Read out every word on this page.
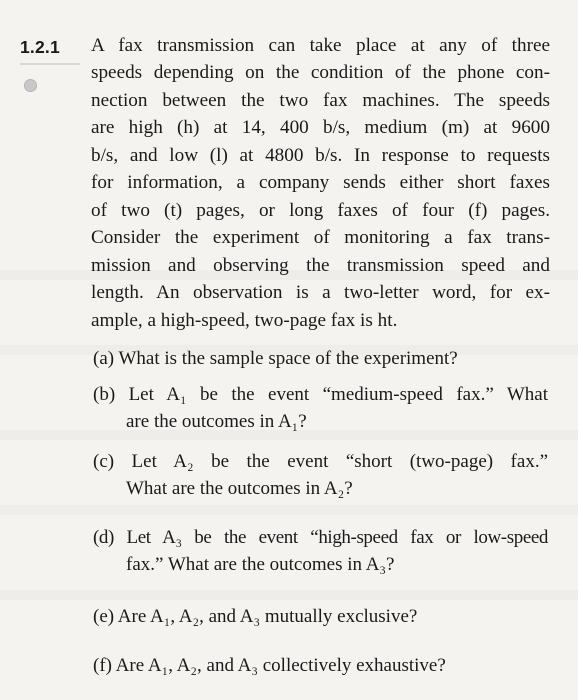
1.2.1 A fax transmission can take place at any of three
speeds depending on the condition of the phone con-
nection between the two fax machines. The speeds
are high (h) at 14, 400 b/s, medium (m) at 9600
b/s, and low (l) at 4800 b/s. In response to requests
for information, a company sends either short faxes
of two (t) pages, or long faxes of four (f) pages.
Consider the experiment of monitoring a fax trans-
mission and observing the transmission speed and
length. An observation is a two-letter word, for ex-
ample, a high-speed, two-page fax is ht.
(a) What is the sample space of the experiment?
(b) Let A₁ be the event “medium-speed fax.” What
are the outcomes in A₁?
(c) Let A₂ be the event “short (two-page) fax.”
What are the outcomes in A₂?
(d) Let A₃ be the event “high-speed fax or low-speed
fax.” What are the outcomes in A₃?
(e) Are A₁, A₂, and A₃ mutually exclusive?
(f) Are A₁, A₂, and A₃ collectively exhaustive?
